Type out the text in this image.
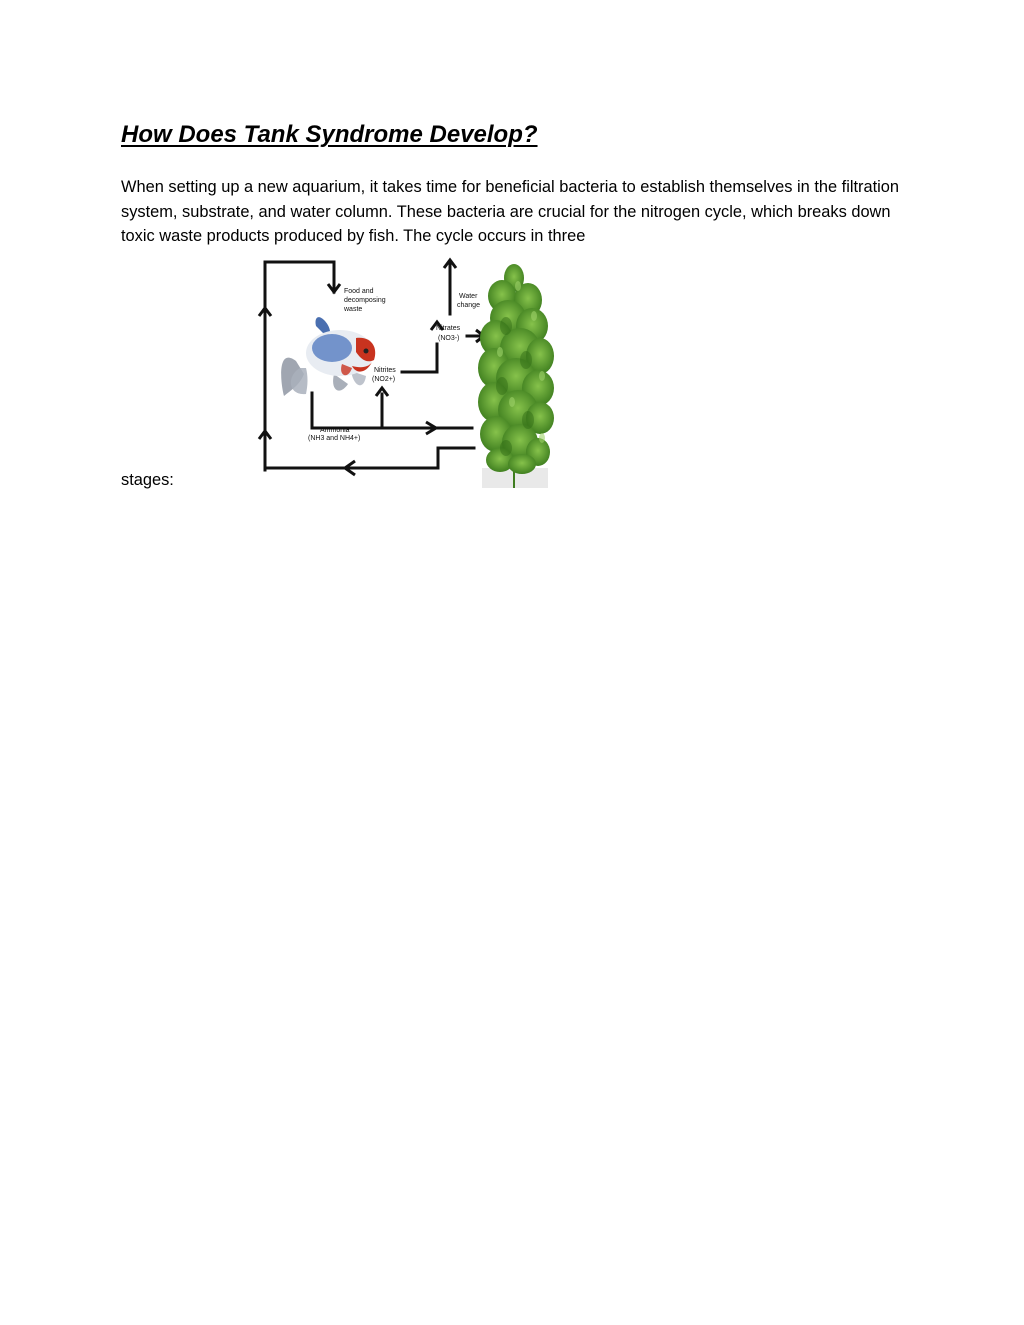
How Does Tank Syndrome Develop?

When setting up a new aquarium, it takes time for beneficial bacteria to establish themselves in the filtration system, substrate, and water column. These bacteria are crucial for the nitrogen cycle, which breaks down toxic waste products produced by fish. The cycle occurs in three

Food and
decomposing
waste
Water
change
Nitrates
(NO3-)
Nitrites
(NO2+)
Ammonia
(NH3 and NH4+)

stages:
